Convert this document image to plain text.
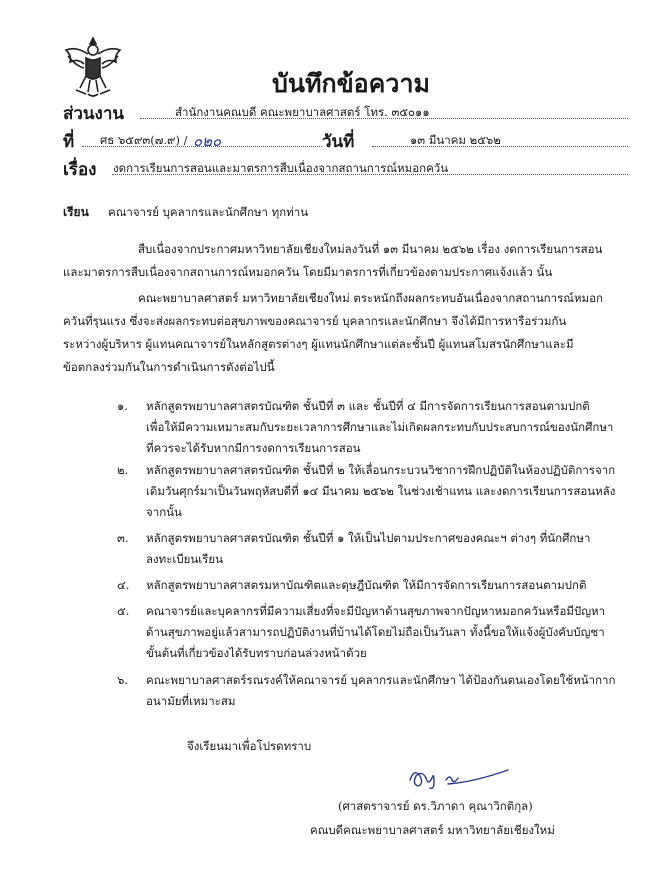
บันทึกข้อความ
ส่วนงาน	สำนักงานคณบดี คณะพยาบาลศาสตร์ โทร. ๓๕๐๑๑
ที่ ศธ ๖๕๙๓(๗.๙) / ๐๒๐	วันที่	๑๓ มีนาคม ๒๕๖๒
เรื่อง งดการเรียนการสอนและมาตรการสืบเนื่องจากสถานการณ์หมอกควัน
เรียน คณาจารย์ บุคลากรและนักศึกษา ทุกท่าน
สืบเนื่องจากประกาศมหาวิทยาลัยเชียงใหม่ลงวันที่ ๑๓ มีนาคม ๒๕๖๒ เรื่อง งดการเรียนการสอน
และมาตรการสืบเนื่องจากสถานการณ์หมอกควัน โดยมีมาตรการที่เกี่ยวข้องตามประกาศแจ้งแล้ว นั้น
คณะพยาบาลศาสตร์ มหาวิทยาลัยเชียงใหม่ ตระหนักถึงผลกระทบอันเนื่องจากสถานการณ์หมอก
ควันที่รุนแรง ซึ่งจะส่งผลกระทบต่อสุขภาพของคณาจารย์ บุคลากรและนักศึกษา จึงได้มีการหารือร่วมกัน
ระหว่างผู้บริหาร ผู้แทนคณาจารย์ในหลักสูตรต่างๆ ผู้แทนนักศึกษาแต่ละชั้นปี ผู้แทนสโมสรนักศึกษาและมี
ข้อตกลงร่วมกันในการดำเนินการดังต่อไปนี้
๑. หลักสูตรพยาบาลศาสตรบัณฑิต ชั้นปีที่ ๓ และ ชั้นปีที่ ๔ มีการจัดการเรียนการสอนตามปกติ
เพื่อให้มีความเหมาะสมกับระยะเวลาการศึกษาและไม่เกิดผลกระทบกับประสบการณ์ของนักศึกษา
ที่ควรจะได้รับหากมีการงดการเรียนการสอน
๒. หลักสูตรพยาบาลศาสตรบัณฑิต ชั้นปีที่ ๒ ให้เลื่อนกระบวนวิชาการฝึกปฏิบัติในห้องปฏิบัติการจาก
เดิมวันศุกร์มาเป็นวันพฤหัสบดีที่ ๑๔ มีนาคม ๒๕๖๒ ในช่วงเช้าแทน และงดการเรียนการสอนหลัง
จากนั้น
๓. หลักสูตรพยาบาลศาสตรบัณฑิต ชั้นปีที่ ๑ ให้เป็นไปตามประกาศของคณะฯ ต่างๆ ที่นักศึกษา
ลงทะเบียนเรียน
๔. หลักสูตรพยาบาลศาสตรมหาบัณฑิตและดุษฎีบัณฑิต ให้มีการจัดการเรียนการสอนตามปกติ
๕. คณาจารย์และบุคลากรที่มีความเสี่ยงที่จะมีปัญหาด้านสุขภาพจากปัญหาหมอกควันหรือมีปัญหา
ด้านสุขภาพอยู่แล้วสามารถปฏิบัติงานที่บ้านได้โดยไม่ถือเป็นวันลา ทั้งนี้ขอให้แจ้งผู้บังคับบัญชา
ขั้นต้นที่เกี่ยวข้องได้รับทราบก่อนล่วงหน้าด้วย
๖. คณะพยาบาลศาสตร์รณรงค์ให้คณาจารย์ บุคลากรและนักศึกษา ได้ป้องกันตนเองโดยใช้หน้ากาก
อนามัยที่เหมาะสม
จึงเรียนมาเพื่อโปรดทราบ
(ศาสตราจารย์ ดร.วิภาดา คุณาวิกติกุล)
คณบดีคณะพยาบาลศาสตร์ มหาวิทยาลัยเชียงใหม่
